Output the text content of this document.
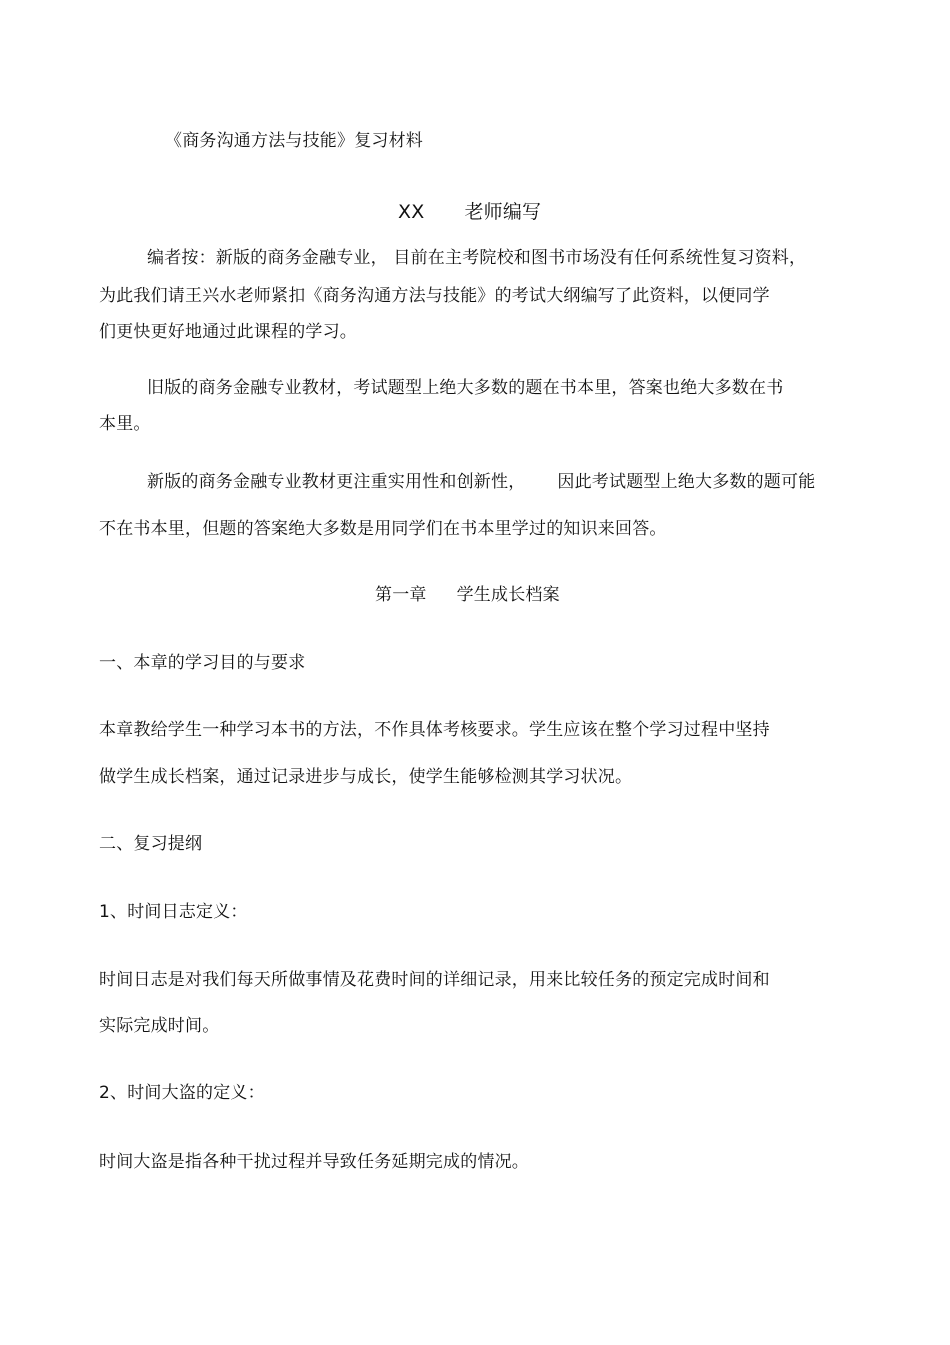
《商务沟通方法与技能》复习材料
XX 老师编写
编者按：新版的商务金融专业， 目前在主考院校和图书市场没有任何系统性复习资料，
为此我们请王兴水老师紧扣《商务沟通方法与技能》的考试大纲编写了此资料，以便同学
们更快更好地通过此课程的学习。
旧版的商务金融专业教材，考试题型上绝大多数的题在书本里，答案也绝大多数在书
本里。
新版的商务金融专业教材更注重实用性和创新性， 因此考试题型上绝大多数的题可能
不在书本里，但题的答案绝大多数是用同学们在书本里学过的知识来回答。
第一章 学生成长档案
一、本章的学习目的与要求
本章教给学生一种学习本书的方法，不作具体考核要求。学生应该在整个学习过程中坚持
做学生成长档案，通过记录进步与成长，使学生能够检测其学习状况。
二、复习提纲
1、时间日志定义：
时间日志是对我们每天所做事情及花费时间的详细记录，用来比较任务的预定完成时间和
实际完成时间。
2、时间大盗的定义：
时间大盗是指各种干扰过程并导致任务延期完成的情况。
